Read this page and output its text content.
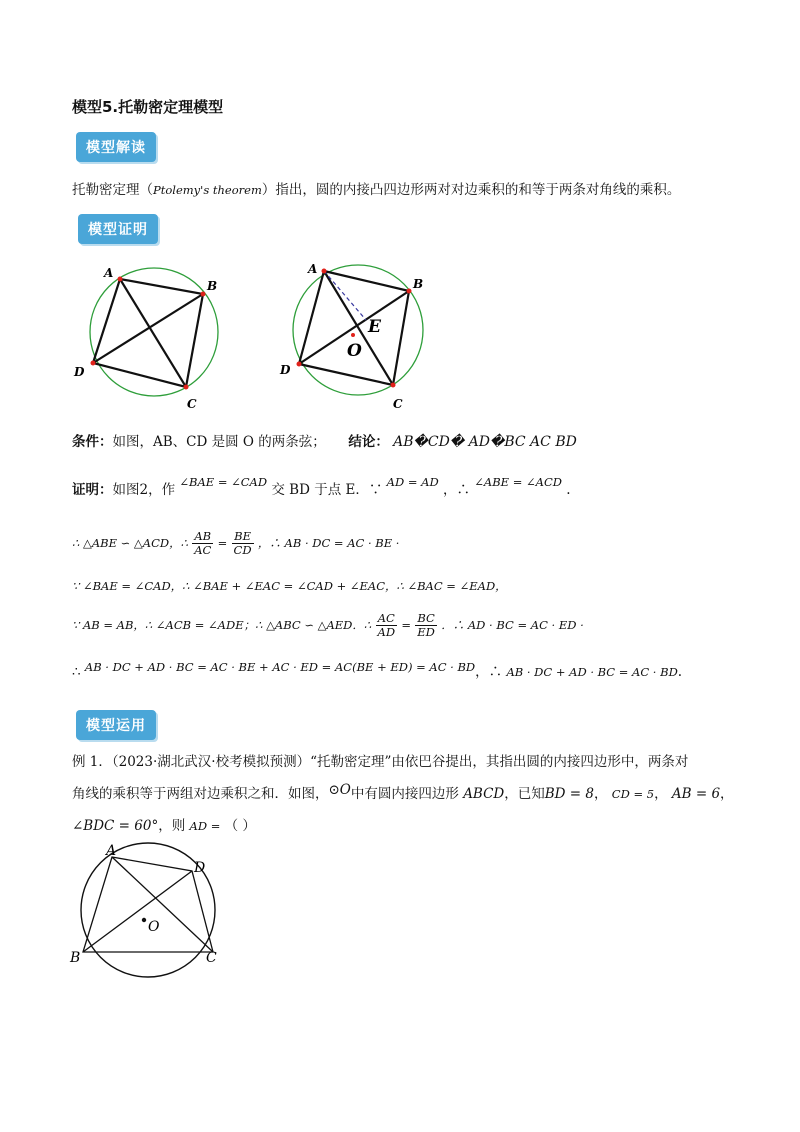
模型5.托勒密定理模型
模型解读
托勒密定理（Ptolemy's theorem）指出，圆的内接凸四边形两对对边乘积的和等于两条对角线的乘积。
模型证明
A
B
C
D
A
B
C
D
E
O
条件：如图，AB、CD 是圆 O 的两条弦； 结论： AB�CD� AD�BC AC BD
证明：如图2，作 ∠BAE = ∠CAD 交 BD 于点 E．∵ AD = AD ，∴ ∠ABE = ∠ACD .
∴ △ABE ∽ △ACD，∴ $\frac{AB}{AC} = \frac{BE}{CD}$ ，∴ AB · DC = AC · BE ·
∵ ∠BAE = ∠CAD，∴ ∠BAE + ∠EAC = ∠CAD + ∠EAC，∴ ∠BAC = ∠EAD，
∵ AB = AB，∴ ∠ACB = ∠ADE；∴ △ABC ∽ △AED．∴ $\frac{AC}{AD} = \frac{BC}{ED}$ ．∴ AD · BC = AC · ED ·
∴ AB · DC + AD · BC = AC · BE + AC · ED = AC(BE + ED) = AC · BD，∴ AB · DC + AD · BC = AC · BD.
模型运用
例 1．（2023·湖北武汉·校考模拟预测）“托勒密定理”由依巴谷提出，其指出圆的内接四边形中，两条对
角线的乘积等于两组对边乘积之和．如图，⊙O中有圆内接四边形 ABCD，已知BD = 8， CD = 5， AB = 6，
∠BDC = 60°，则 AD = （ ）
A
D
C
B
O
